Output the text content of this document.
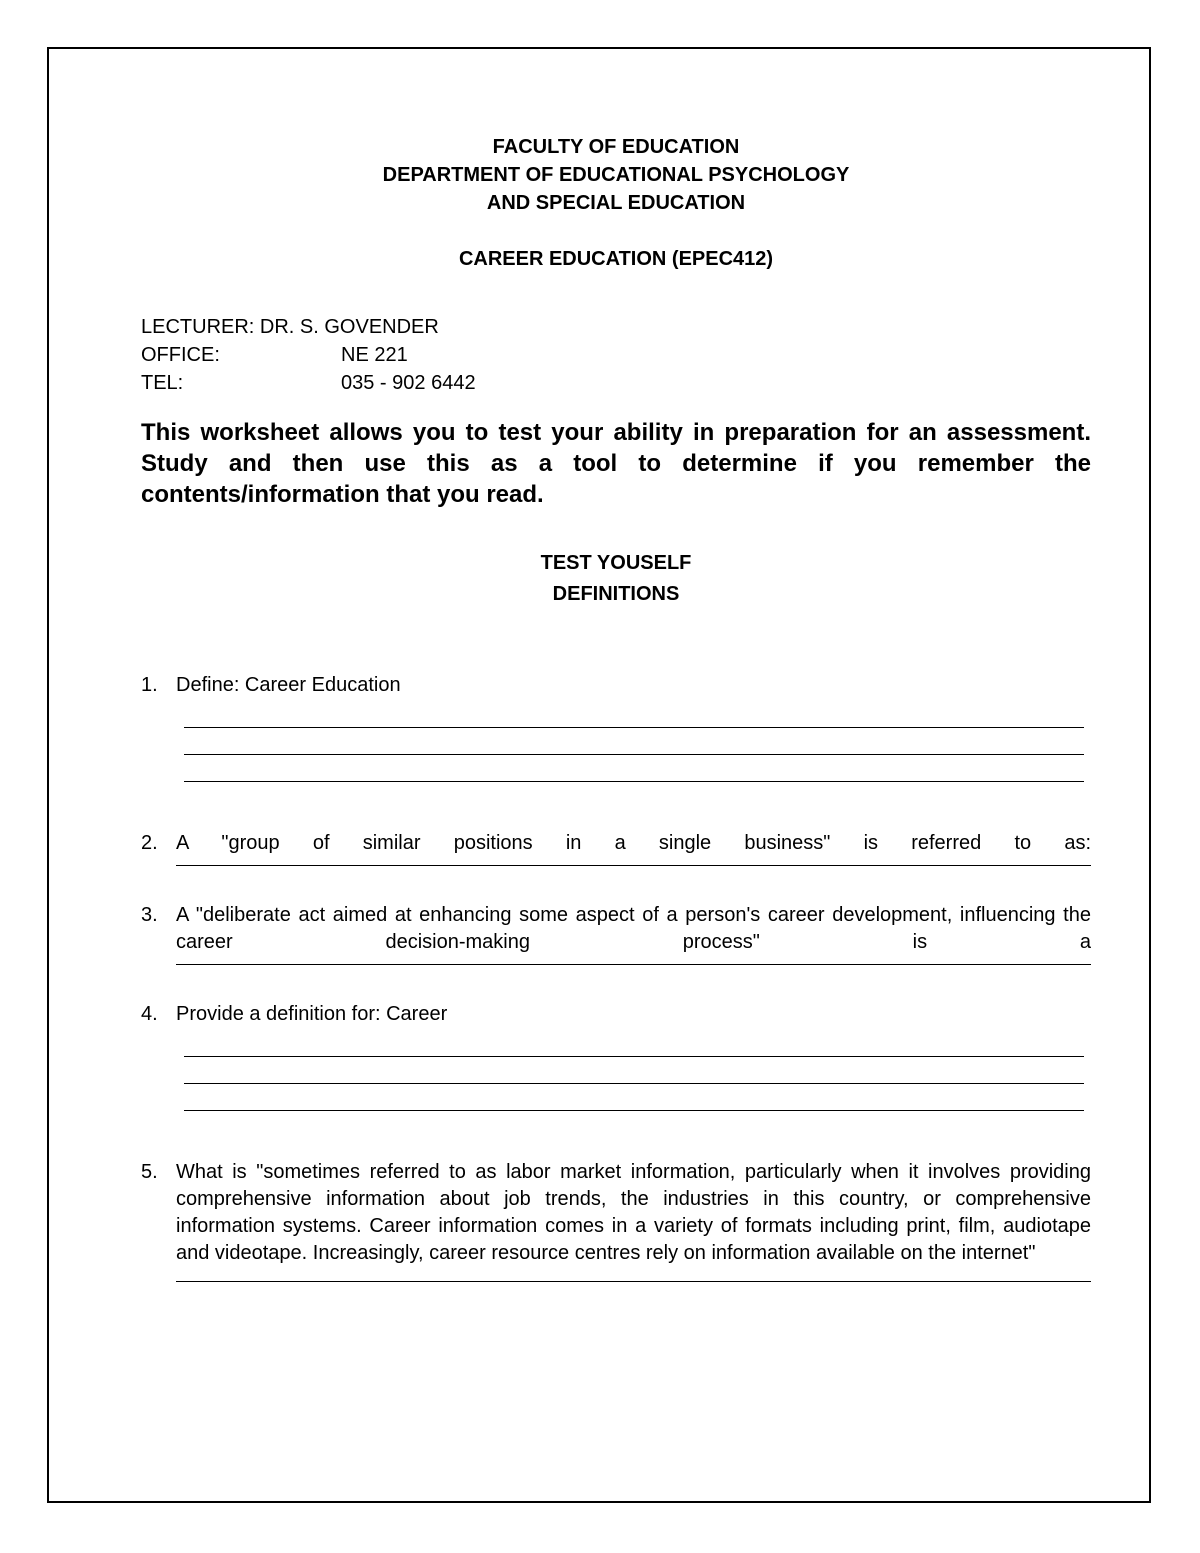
FACULTY OF EDUCATION
DEPARTMENT OF EDUCATIONAL PSYCHOLOGY
AND SPECIAL EDUCATION
CAREER EDUCATION (EPEC412)
LECTURER:
DR. S. GOVENDER
OFFICE:	NE 221
TEL:	035 - 902 6442
This worksheet allows you to test your ability in preparation for an assessment. Study and then use this as a tool to determine if you remember the contents/information that you read.
TEST YOUSELF
DEFINITIONS
1. Define: Career Education
2. A "group of similar positions in a single business" is referred to as:
3. A "deliberate act aimed at enhancing some aspect of a person's career development, influencing the career decision-making process" is a
4. Provide a definition for: Career
5. What is "sometimes referred to as labor market information, particularly when it involves providing comprehensive information about job trends, the industries in this country, or comprehensive information systems. Career information comes in a variety of formats including print, film, audiotape and videotape. Increasingly, career resource centres rely on information available on the internet"
